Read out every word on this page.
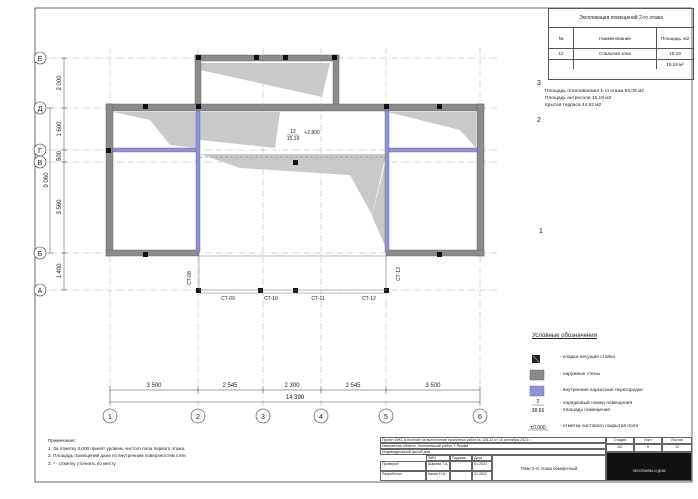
Е
Д
Г
В
Б
А
1	2	3	4	5	6
2 000
1 600
500
3 560
1 400
9 060
3 500	2 545	2 300	2 545	3 500
14 390
12
15,19
+2,800
СТ-08
СТ-09	СТ-10	СТ-11	СТ-12
СТ-13
2
38,66
±0,000
Экспликация помещений 2-го этажа
№	Наименование	Площадь, м2
12	Спальная зона	15,19
15,19 м²
Площадь отапливаемая 1-го этажа 93,09 м2
Площадь антресоли 15,19 м2
Крытая терраса 44,92 м2
3
2
1
Условные обозначения
- кладка несущая стойка
- наружные стены
- внутренние каркасные перегородки
- порядковый номер помещения
- площадь помещения
- отметка чистового покрытия пола
Примечания:
1. За отметку 0,000 принят уровень чистого пола первого этажа.
2. Площадь помещений дана по внутренним поверхностям стен.
3. * - отметку уточнить по месту.
Проект ИЖС в посёлке на выполнение проектных работ № 128-12 от 18 сентября 2021 г.
Ивановская область, Кинешемский район, г. Решма
Индивидуальный жилой дом
ФИО	Подпись	Дата
Проверил	Шарова Т.А.	01.2022
Разработал	Капин Н.А.	01.2022
План 2-го этажа обмерочный
Стадия	Лист	Листов
АС	6	12
ЛЕСОПИЛКА И ДОМ
